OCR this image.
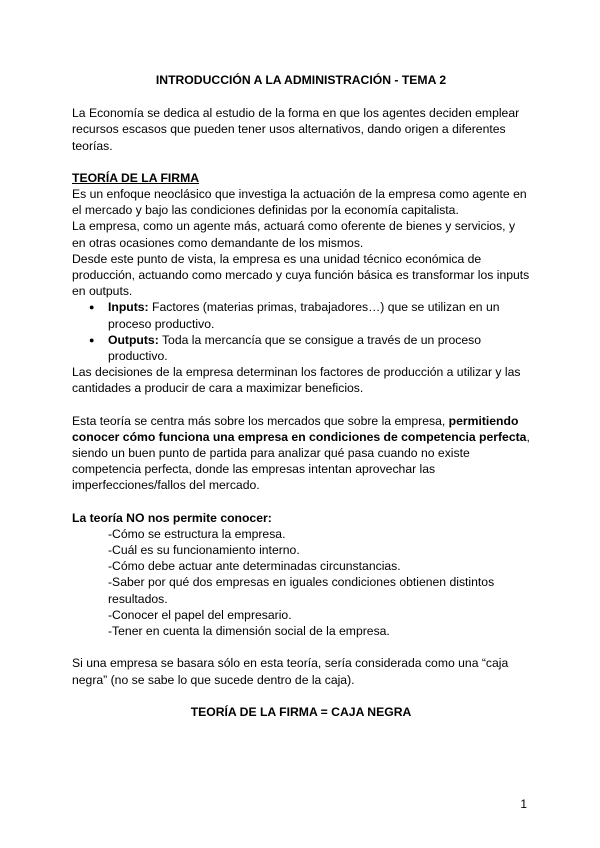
INTRODUCCIÓN A LA ADMINISTRACIÓN - TEMA 2

La Economía se dedica al estudio de la forma en que los agentes deciden emplear recursos escasos que pueden tener usos alternativos, dando origen a diferentes teorías.

TEORÍA DE LA FIRMA

Es un enfoque neoclásico que investiga la actuación de la empresa como agente en el mercado y bajo las condiciones definidas por la economía capitalista.

La empresa, como un agente más, actuará como oferente de bienes y servicios, y en otras ocasiones como demandante de los mismos.

Desde este punto de vista, la empresa es una unidad técnico económica de producción, actuando como mercado y cuya función básica es transformar los inputs en outputs.

● Inputs: Factores (materias primas, trabajadores…) que se utilizan en un proceso productivo.
● Outputs: Toda la mercancía que se consigue a través de un proceso productivo.

Las decisiones de la empresa determinan los factores de producción a utilizar y las cantidades a producir de cara a maximizar beneficios.

Esta teoría se centra más sobre los mercados que sobre la empresa, permitiendo conocer cómo funciona una empresa en condiciones de competencia perfecta, siendo un buen punto de partida para analizar qué pasa cuando no existe competencia perfecta, donde las empresas intentan aprovechar las imperfecciones/fallos del mercado.

La teoría NO nos permite conocer:

-Cómo se estructura la empresa.
-Cuál es su funcionamiento interno.
-Cómo debe actuar ante determinadas circunstancias.
-Saber por qué dos empresas en iguales condiciones obtienen distintos resultados.
-Conocer el papel del empresario.
-Tener en cuenta la dimensión social de la empresa.

Si una empresa se basara sólo en esta teoría, sería considerada como una “caja negra” (no se sabe lo que sucede dentro de la caja).

TEORÍA DE LA FIRMA = CAJA NEGRA

1
